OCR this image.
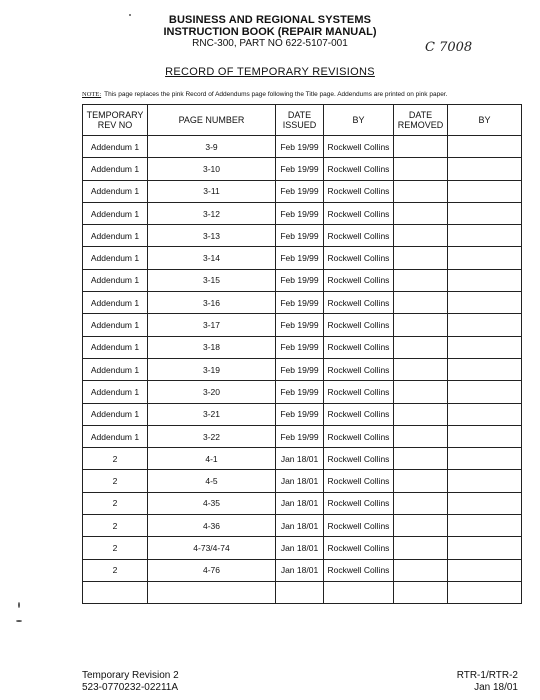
BUSINESS AND REGIONAL SYSTEMS
INSTRUCTION BOOK (REPAIR MANUAL)
RNC-300, PART NO 622-5107-001	C 7008
RECORD OF TEMPORARY REVISIONS
NOTE: This page replaces the pink Record of Addendums page following the Title page. Addendums are printed on pink paper.
TEMPORARY REV NO	PAGE NUMBER	DATE ISSUED	BY	DATE REMOVED	BY
Addendum 1	3-9	Feb 19/99	Rockwell Collins		
Addendum 1	3-10	Feb 19/99	Rockwell Collins		
Addendum 1	3-11	Feb 19/99	Rockwell Collins		
Addendum 1	3-12	Feb 19/99	Rockwell Collins		
Addendum 1	3-13	Feb 19/99	Rockwell Collins		
Addendum 1	3-14	Feb 19/99	Rockwell Collins		
Addendum 1	3-15	Feb 19/99	Rockwell Collins		
Addendum 1	3-16	Feb 19/99	Rockwell Collins		
Addendum 1	3-17	Feb 19/99	Rockwell Collins		
Addendum 1	3-18	Feb 19/99	Rockwell Collins		
Addendum 1	3-19	Feb 19/99	Rockwell Collins		
Addendum 1	3-20	Feb 19/99	Rockwell Collins		
Addendum 1	3-21	Feb 19/99	Rockwell Collins		
Addendum 1	3-22	Feb 19/99	Rockwell Collins		
2	4-1	Jan 18/01	Rockwell Collins		
2	4-5	Jan 18/01	Rockwell Collins		
2	4-35	Jan 18/01	Rockwell Collins		
2	4-36	Jan 18/01	Rockwell Collins		
2	4-73/4-74	Jan 18/01	Rockwell Collins		
2	4-76	Jan 18/01	Rockwell Collins		

Temporary Revision 2
523-0770232-02211A
RTR-1/RTR-2
Jan 18/01
